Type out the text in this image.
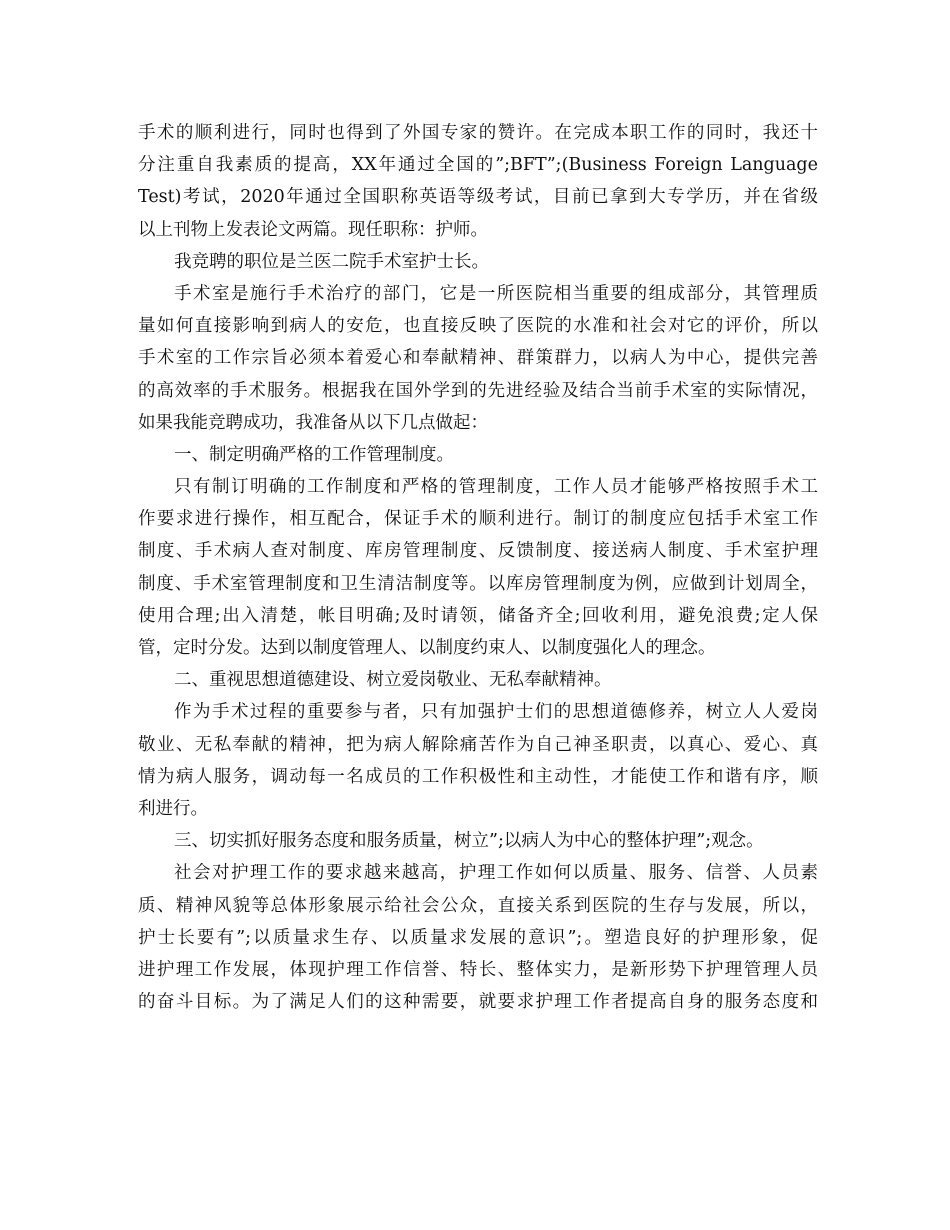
手术的顺利进行，同时也得到了外国专家的赞许。在完成本职工作的同时，我还十
分注重自我素质的提高，XX年通过全国的”;BFT”;(Business Foreign Language
Test)考试，2020年通过全国职称英语等级考试，目前已拿到大专学历，并在省级
以上刊物上发表论文两篇。现任职称：护师。
我竞聘的职位是兰医二院手术室护士长。
手术室是施行手术治疗的部门，它是一所医院相当重要的组成部分，其管理质
量如何直接影响到病人的安危，也直接反映了医院的水准和社会对它的评价，所以
手术室的工作宗旨必须本着爱心和奉献精神、群策群力，以病人为中心，提供完善
的高效率的手术服务。根据我在国外学到的先进经验及结合当前手术室的实际情况，
如果我能竞聘成功，我准备从以下几点做起：
一、制定明确严格的工作管理制度。
只有制订明确的工作制度和严格的管理制度，工作人员才能够严格按照手术工
作要求进行操作，相互配合，保证手术的顺利进行。制订的制度应包括手术室工作
制度、手术病人查对制度、库房管理制度、反馈制度、接送病人制度、手术室护理
制度、手术室管理制度和卫生清洁制度等。以库房管理制度为例，应做到计划周全，
使用合理;出入清楚，帐目明确;及时请领，储备齐全;回收利用，避免浪费;定人保
管，定时分发。达到以制度管理人、以制度约束人、以制度强化人的理念。
二、重视思想道德建设、树立爱岗敬业、无私奉献精神。
作为手术过程的重要参与者，只有加强护士们的思想道德修养，树立人人爱岗
敬业、无私奉献的精神，把为病人解除痛苦作为自己神圣职责，以真心、爱心、真
情为病人服务，调动每一名成员的工作积极性和主动性，才能使工作和谐有序，顺
利进行。
三、切实抓好服务态度和服务质量，树立”;以病人为中心的整体护理”;观念。
社会对护理工作的要求越来越高，护理工作如何以质量、服务、信誉、人员素
质、精神风貌等总体形象展示给社会公众，直接关系到医院的生存与发展，所以，
护士长要有”;以质量求生存、以质量求发展的意识”;。塑造良好的护理形象，促
进护理工作发展，体现护理工作信誉、特长、整体实力，是新形势下护理管理人员
的奋斗目标。为了满足人们的这种需要，就要求护理工作者提高自身的服务态度和
